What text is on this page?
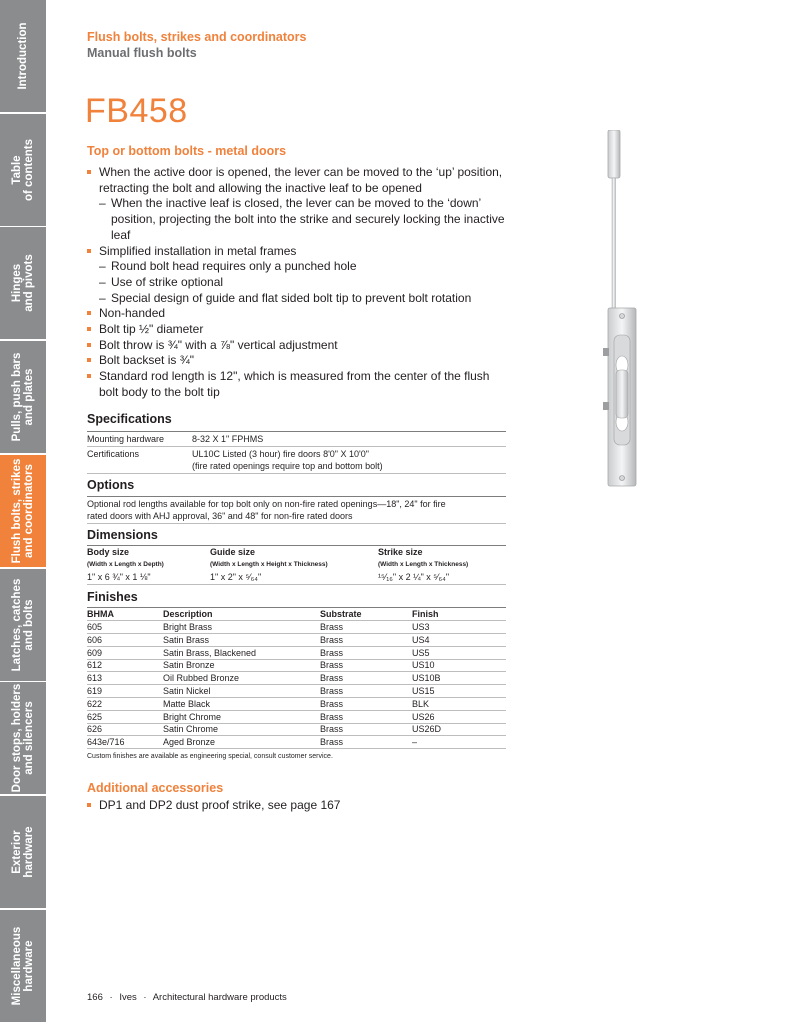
Introduction
Table
of contents
Hinges
and pivots
Pulls, push bars
and plates
Flush bolts, strikes
and coordinators
Latches, catches
and bolts
Door stops, holders
and silencers
Exterior
hardware
Miscellaneous
hardware
Flush bolts, strikes and coordinators
Manual flush bolts
FB458
Top or bottom bolts - metal doors
When the active door is opened, the lever can be moved to the ‘up’ position, retracting the bolt and allowing the inactive leaf to be opened
– When the inactive leaf is closed, the lever can be moved to the ‘down’ position, projecting the bolt into the strike and securely locking the inactive leaf
Simplified installation in metal frames
– Round bolt head requires only a punched hole
– Use of strike optional
– Special design of guide and flat sided bolt tip to prevent bolt rotation
Non-handed
Bolt tip ½" diameter
Bolt throw is ¾" with a ⅞" vertical adjustment
Bolt backset is ¾"
Standard rod length is 12", which is measured from the center of the flush bolt body to the bolt tip
Specifications
Mounting hardware	8-32 X 1" FPHMS
Certifications	UL10C Listed (3 hour) fire doors 8'0" X 10'0"
(fire rated openings require top and bottom bolt)
Options
Optional rod lengths available for top bolt only on non-fire rated openings—18", 24" for fire
rated doors with AHJ approval, 36" and 48" for non-fire rated doors
Dimensions
Body size	Guide size	Strike size
(Width x Length x Depth)	(Width x Length x Height x Thickness)	(Width x Length x Thickness)
1" x 6 ¾" x 1 ⅛"	1" x 2" x ⁵⁄₆₄"	¹⁵⁄₁₆" x 2 ¼" x ⁵⁄₆₄"
Finishes
BHMA	Description	Substrate	Finish
605	Bright Brass	Brass	US3
606	Satin Brass	Brass	US4
609	Satin Brass, Blackened	Brass	US5
612	Satin Bronze	Brass	US10
613	Oil Rubbed Bronze	Brass	US10B
619	Satin Nickel	Brass	US15
622	Matte Black	Brass	BLK
625	Bright Chrome	Brass	US26
626	Satin Chrome	Brass	US26D
643e/716	Aged Bronze	Brass	–
Custom finishes are available as engineering special, consult customer service.
Additional accessories
DP1 and DP2 dust proof strike, see page 167
166 · Ives · Architectural hardware products
